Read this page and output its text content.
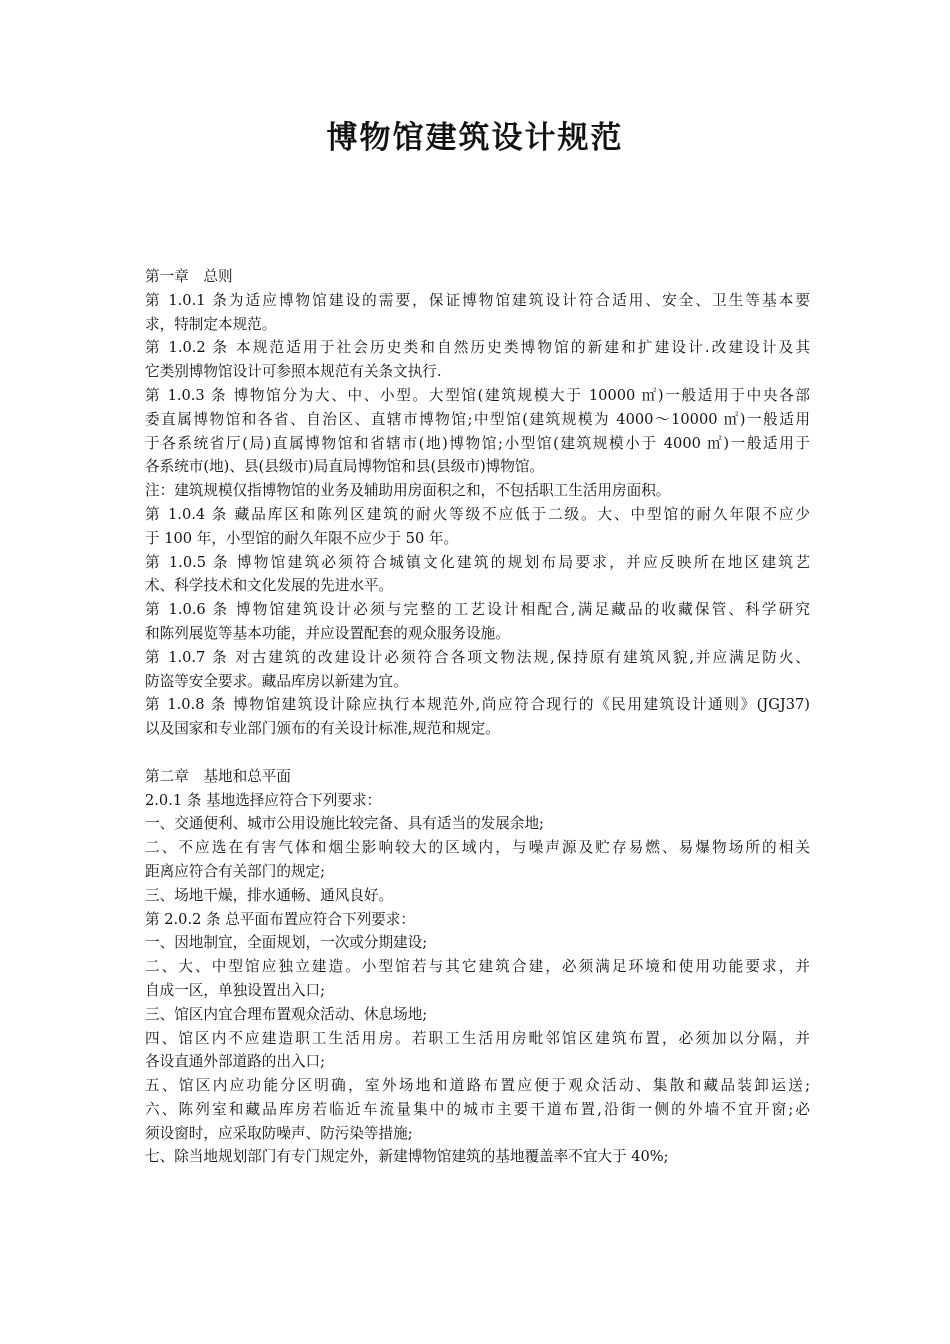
博物馆建筑设计规范
第一章　总则
第 1.0.1 条为适应博物馆建设的需要，保证博物馆建筑设计符合适用、安全、卫生等基本要
求，特制定本规范。
第 1.0.2 条 本规范适用于社会历史类和自然历史类博物馆的新建和扩建设计.改建设计及其
它类别博物馆设计可参照本规范有关条文执行.
第 1.0.3 条 博物馆分为大、中、小型。大型馆(建筑规模大于 10000 ㎡)一般适用于中央各部
委直属博物馆和各省、自治区、直辖市博物馆;中型馆(建筑规模为 4000～10000 ㎡)一般适用
于各系统省厅(局)直属博物馆和省辖市(地)博物馆;小型馆(建筑规模小于 4000 ㎡)一般适用于
各系统市(地)、县(县级市)局直局博物馆和县(县级市)博物馆。
注：建筑规模仅指博物馆的业务及辅助用房面积之和，不包括职工生活用房面积。
第 1.0.4 条 藏品库区和陈列区建筑的耐火等级不应低于二级。大、中型馆的耐久年限不应少
于 100 年，小型馆的耐久年限不应少于 50 年。
第 1.0.5 条 博物馆建筑必须符合城镇文化建筑的规划布局要求，并应反映所在地区建筑艺
术、科学技术和文化发展的先进水平。
第 1.0.6 条 博物馆建筑设计必须与完整的工艺设计相配合,满足藏品的收藏保管、科学研究
和陈列展览等基本功能，并应设置配套的观众服务设施。
第 1.0.7 条 对古建筑的改建设计必须符合各项文物法规,保持原有建筑风貌,并应满足防火、
防盗等安全要求。藏品库房以新建为宜。
第 1.0.8 条 博物馆建筑设计除应执行本规范外,尚应符合现行的《民用建筑设计通则》(JGJ37)
以及国家和专业部门颁布的有关设计标准,规范和规定。
第二章　基地和总平面
2.0.1 条 基地选择应符合下列要求：
一、交通便利、城市公用设施比较完备、具有适当的发展余地;
二、不应选在有害气体和烟尘影响较大的区域内，与噪声源及贮存易燃、易爆物场所的相关
距离应符合有关部门的规定;
三、场地干燥，排水通畅、通风良好。
第 2.0.2 条 总平面布置应符合下列要求：
一、因地制宜，全面规划，一次或分期建设;
二、大、中型馆应独立建造。小型馆若与其它建筑合建，必须满足环境和使用功能要求，并
自成一区，单独设置出入口;
三、馆区内宜合理布置观众活动、休息场地;
四、馆区内不应建造职工生活用房。若职工生活用房毗邻馆区建筑布置，必须加以分隔，并
各设直通外部道路的出入口;
五、馆区内应功能分区明确，室外场地和道路布置应便于观众活动、集散和藏品装卸运送;
六、陈列室和藏品库房若临近车流量集中的城市主要干道布置,沿街一侧的外墙不宜开窗;必
须设窗时，应采取防噪声、防污染等措施;
七、除当地规划部门有专门规定外，新建博物馆建筑的基地覆盖率不宜大于 40%;
